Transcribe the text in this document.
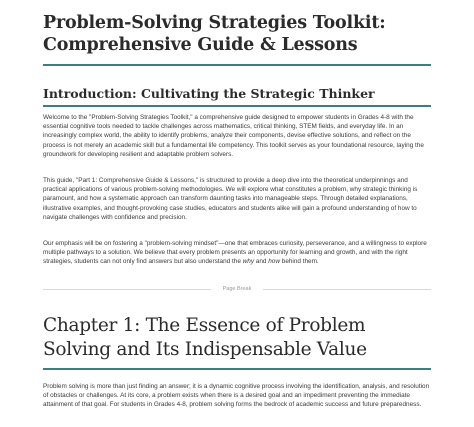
Problem-Solving Strategies Toolkit: Comprehensive Guide & Lessons
Introduction: Cultivating the Strategic Thinker

Welcome to the "Problem-Solving Strategies Toolkit," a comprehensive guide designed to empower students in Grades 4-8 with the essential cognitive tools needed to tackle challenges across mathematics, critical thinking, STEM fields, and everyday life. In an increasingly complex world, the ability to identify problems, analyze their components, devise effective solutions, and reflect on the process is not merely an academic skill but a fundamental life competency. This toolkit serves as your foundational resource, laying the groundwork for developing resilient and adaptable problem solvers.

This guide, "Part 1: Comprehensive Guide & Lessons," is structured to provide a deep dive into the theoretical underpinnings and practical applications of various problem-solving methodologies. We will explore what constitutes a problem, why strategic thinking is paramount, and how a systematic approach can transform daunting tasks into manageable steps. Through detailed explanations, illustrative examples, and thought-provoking case studies, educators and students alike will gain a profound understanding of how to navigate challenges with confidence and precision.

Our emphasis will be on fostering a "problem-solving mindset"—one that embraces curiosity, perseverance, and a willingness to explore multiple pathways to a solution. We believe that every problem presents an opportunity for learning and growth, and with the right strategies, students can not only find answers but also understand the why and how behind them.

Page Break
Chapter 1: The Essence of Problem Solving and Its Indispensable Value

Problem solving is more than just finding an answer; it is a dynamic cognitive process involving the identification, analysis, and resolution of obstacles or challenges. At its core, a problem exists when there is a desired goal and an impediment preventing the immediate attainment of that goal. For students in Grades 4-8, problem solving forms the bedrock of academic success and future preparedness.
